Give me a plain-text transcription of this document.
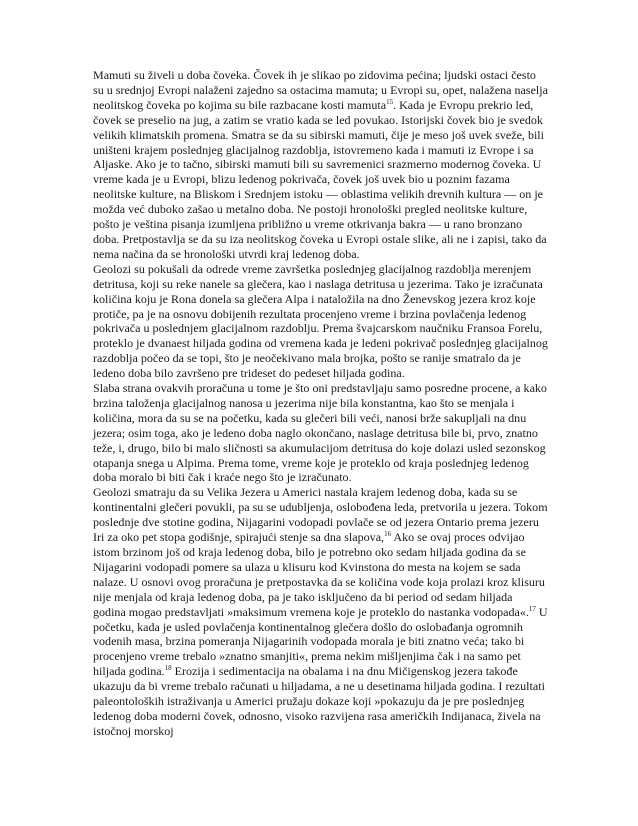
Mamuti su živeli u doba čoveka. Čovek ih je slikao po zidovima pećina; ljudski ostaci često su u srednjoj Evropi nalaženi zajedno sa ostacima mamuta; u Evropi su, opet, nalažena naselja neolitskog čoveka po kojima su bile razbacane kosti mamuta$^{15}$. Kada je Evropu prekrio led, čovek se preselio na jug, a zatim se vratio kada se led povukao. Istorijski čovek bio je svedok velikih klimatskih promena. Smatra se da su sibirski mamuti, čije je meso još uvek sveže, bili uništeni krajem poslednjeg glacijalnog razdoblja, istovremeno kada i mamuti iz Evrope i sa Aljaske. Ako je to tačno, sibirski mamuti bili su savremenici srazmerno modernog čoveka. U vreme kada je u Evropi, blizu ledenog pokrivača, čovek još uvek bio u poznim fazama neolitske kulture, na Bliskom i Srednjem istoku — oblastima velikih drevnih kultura — on je možda već duboko zašao u metalno doba. Ne postoji hronološki pregled neolitske kulture, pošto je veština pisanja izumljena približno u vreme otkrivanja bakra — u rano bronzano doba. Pretpostavlja se da su iza neolitskog čoveka u Evropi ostale slike, ali ne i zapisi, tako da nema načina da se hronološki utvrdi kraj ledenog doba.

Geolozi su pokušali da odrede vreme završetka poslednjeg glacijalnog razdoblja merenjem detritusa, koji su reke nanele sa glečera, kao i naslaga detritusa u jezerima. Tako je izračunata količina koju je Rona donela sa glečera Alpa i nataložila na dno Ženevskog jezera kroz koje protiče, pa je na osnovu dobijenih rezultata procenjeno vreme i brzina povlačenja ledenog pokrivača u poslednjem glacijalnom razdoblju. Prema švajcarskom naučniku Fransoa Forelu, proteklo je dvanaest hiljada godina od vremena kada je ledeni pokrivač poslednjeg glacijalnog razdoblja počeo da se topi, što je neočekivano mala brojka, pošto se ranije smatralo da je ledeno doba bilo završeno pre trideset do pedeset hiljada godina.

Slaba strana ovakvih proračuna u tome je što oni predstavljaju samo posredne procene, a kako brzina taloženja glacijalnog nanosa u jezerima nije bila konstantna, kao što se menjala i količina, mora da su se na početku, kada su glečeri bili veći, nanosi brže sakupljali na dnu jezera; osim toga, ako je ledeno doba naglo okončano, naslage detritusa bile bi, prvo, znatno teže, i, drugo, bilo bi malo sličnosti sa akumulacijom detritusa do koje dolazi usled sezonskog otapanja snega u Alpima. Prema tome, vreme koje je proteklo od kraja poslednjeg ledenog doba moralo bi biti čak i kraće nego što je izračunato.

Geolozi smatraju da su Velika Jezera u Americi nastala krajem ledenog doba, kada su se kontinentalni glečeri povukli, pa su se udubljenja, oslobođena leda, pretvorila u jezera. Tokom poslednje dve stotine godina, Nijagarini vodopadi povlače se od jezera Ontario prema jezeru Iri za oko pet stopa godišnje, spirajući stenje sa dna slapova,$^{16}$ Ako se ovaj proces odvijao istom brzinom još od kraja ledenog doba, bilo je potrebno oko sedam hiljada godina da se Nijagarini vodopadi pomere sa ulaza u klisuru kod Kvinstona do mesta na kojem se sada nalaze. U osnovi ovog proračuna je pretpostavka da se količina vode koja prolazi kroz klisuru nije menjala od kraja ledenog doba, pa je tako isključeno da bi period od sedam hiljada godina mogao predstavljati »maksimum vremena koje je proteklo do nastanka vodopada«.$^{17}$ U početku, kada je usled povlačenja kontinentalnog glečera došlo do oslobađanja ogromnih vodenih masa, brzina pomeranja Nijagarinih vodopada morala je biti znatno veća; tako bi procenjeno vreme trebalo »znatno smanjiti«, prema nekim mišljenjima čak i na samo pet hiljada godina.$^{18}$ Erozija i sedimentacija na obalama i na dnu Mičigenskog jezera takođe ukazuju da bi vreme trebalo računati u hiljadama, a ne u desetinama hiljada godina. I rezultati paleontoloških istraživanja u Americi pružaju dokaze koji »pokazuju da je pre poslednjeg ledenog doba moderni čovek, odnosno, visoko razvijena rasa američkih Indijanaca, živela na istočnoj morskoj
